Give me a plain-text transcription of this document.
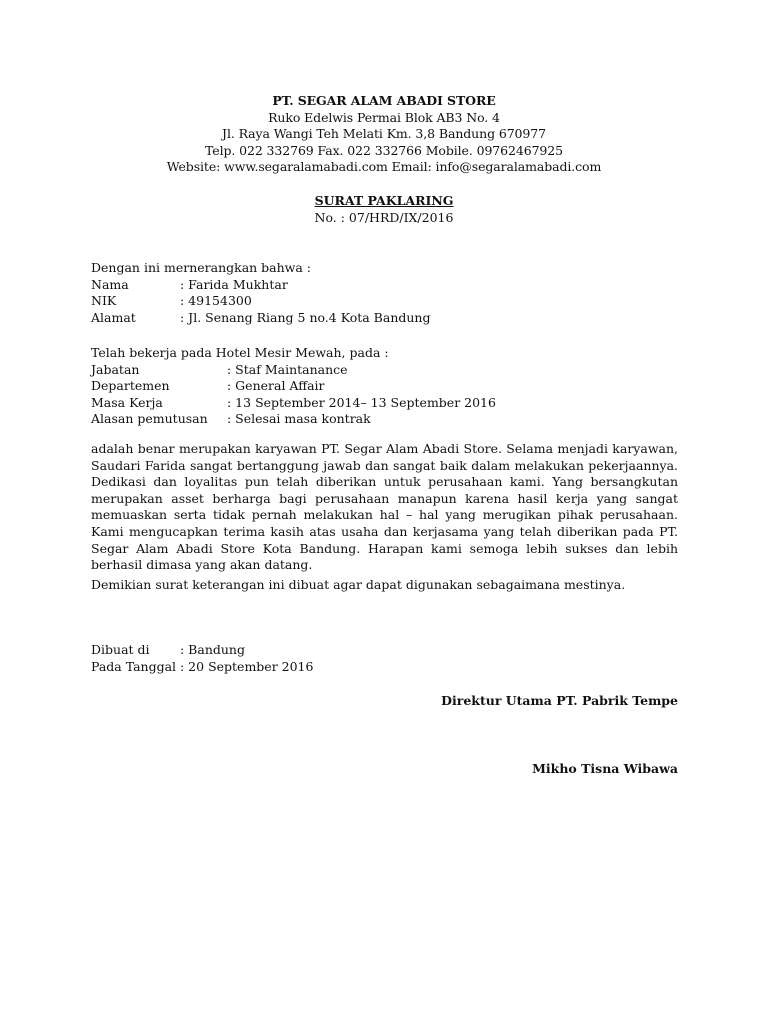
PT. SEGAR ALAM ABADI STORE
Ruko Edelwis Permai Blok AB3 No. 4
Jl. Raya Wangi Teh Melati Km. 3,8 Bandung 670977
Telp. 022 332769 Fax. 022 332766 Mobile. 09762467925
Website: www.segaralamabadi.com Email: info@segaralamabadi.com
SURAT PAKLARING
No. : 07/HRD/IX/2016
Dengan ini mernerangkan bahwa :
Nama	: Farida Mukhtar
NIK	: 49154300
Alamat	: Jl. Senang Riang 5 no.4 Kota Bandung
Telah bekerja pada Hotel Mesir Mewah, pada :
Jabatan	: Staf Maintanance
Departemen	: General Affair
Masa Kerja	: 13 September 2014– 13 September 2016
Alasan pemutusan	: Selesai masa kontrak
adalah benar merupakan karyawan PT. Segar Alam Abadi Store. Selama menjadi karyawan, Saudari Farida sangat bertanggung jawab dan sangat baik dalam melakukan pekerjaannya. Dedikasi dan loyalitas pun telah diberikan untuk perusahaan kami. Yang bersangkutan merupakan asset berharga bagi perusahaan manapun karena hasil kerja yang sangat memuaskan serta tidak pernah melakukan hal – hal yang merugikan pihak perusahaan. Kami mengucapkan terima kasih atas usaha dan kerjasama yang telah diberikan pada PT. Segar Alam Abadi Store Kota Bandung. Harapan kami semoga lebih sukses dan lebih berhasil dimasa yang akan datang.
Demikian surat keterangan ini dibuat agar dapat digunakan sebagaimana mestinya.
Dibuat di	: Bandung
Pada Tanggal : 20 September 2016
Direktur Utama PT. Pabrik Tempe
Mikho Tisna Wibawa
